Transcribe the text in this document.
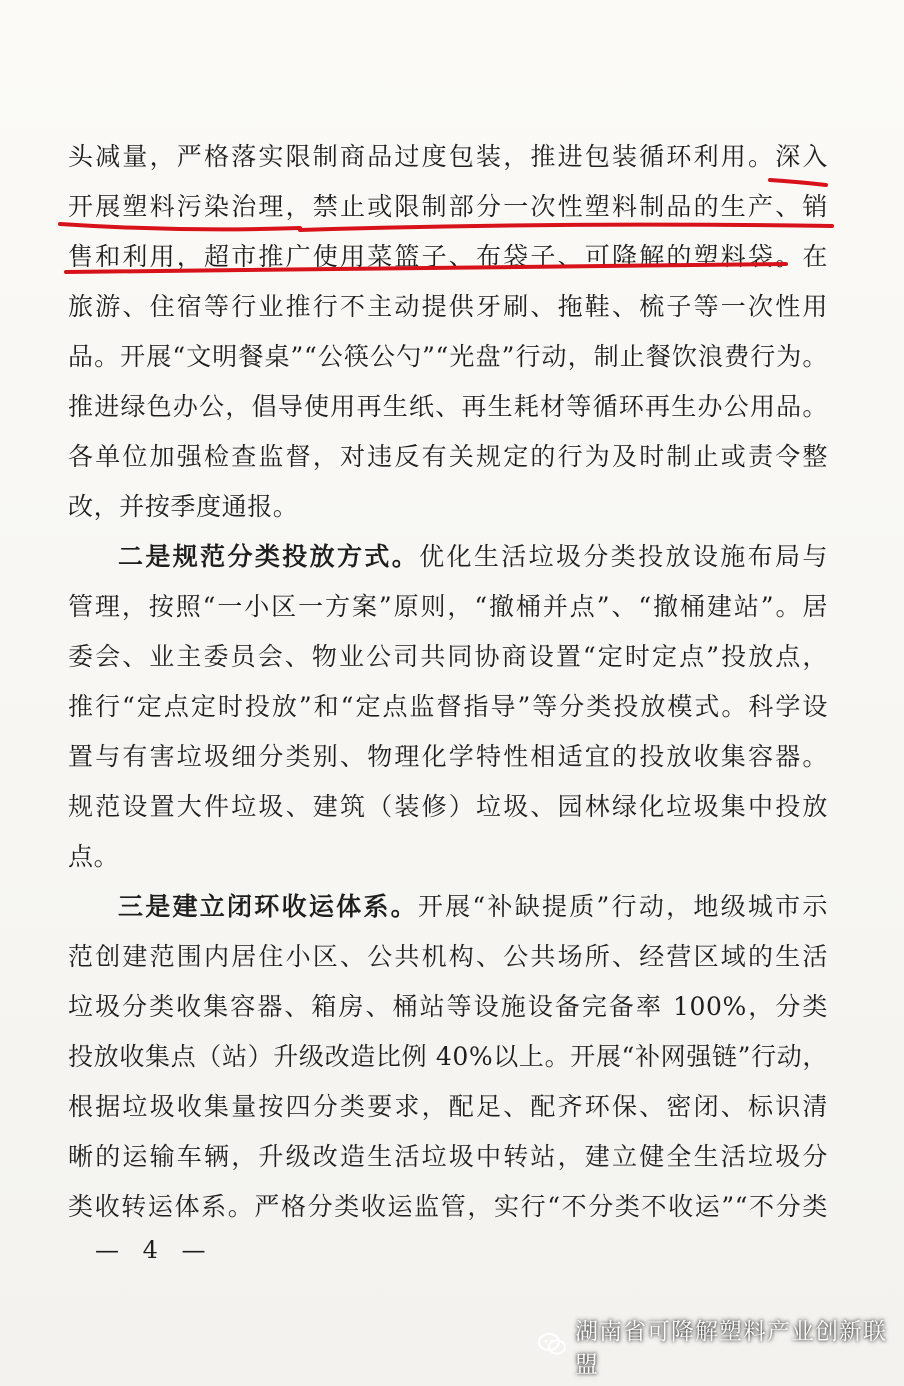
头减量，严格落实限制商品过度包装，推进包装循环利用。深入
开展塑料污染治理，禁止或限制部分一次性塑料制品的生产、销
售和利用，超市推广使用菜篮子、布袋子、可降解的塑料袋。在
旅游、住宿等行业推行不主动提供牙刷、拖鞋、梳子等一次性用
品。开展“文明餐桌”“公筷公勺”“光盘”行动，制止餐饮浪费行为。
推进绿色办公，倡导使用再生纸、再生耗材等循环再生办公用品。
各单位加强检查监督，对违反有关规定的行为及时制止或责令整
改，并按季度通报。
二是规范分类投放方式。优化生活垃圾分类投放设施布局与
管理，按照“一小区一方案”原则，“撤桶并点”、“撤桶建站”。居
委会、业主委员会、物业公司共同协商设置“定时定点”投放点，
推行“定点定时投放”和“定点监督指导”等分类投放模式。科学设
置与有害垃圾细分类别、物理化学特性相适宜的投放收集容器。
规范设置大件垃圾、建筑（装修）垃圾、园林绿化垃圾集中投放
点。
三是建立闭环收运体系。开展“补缺提质”行动，地级城市示
范创建范围内居住小区、公共机构、公共场所、经营区域的生活
垃圾分类收集容器、箱房、桶站等设施设备完备率 100%，分类
投放收集点（站）升级改造比例 40%以上。开展“补网强链”行动，
根据垃圾收集量按四分类要求，配足、配齐环保、密闭、标识清
晰的运输车辆，升级改造生活垃圾中转站，建立健全生活垃圾分
类收转运体系。严格分类收运监管，实行“不分类不收运”“不分类
— 4 —
湖南省可降解塑料产业创新联盟
